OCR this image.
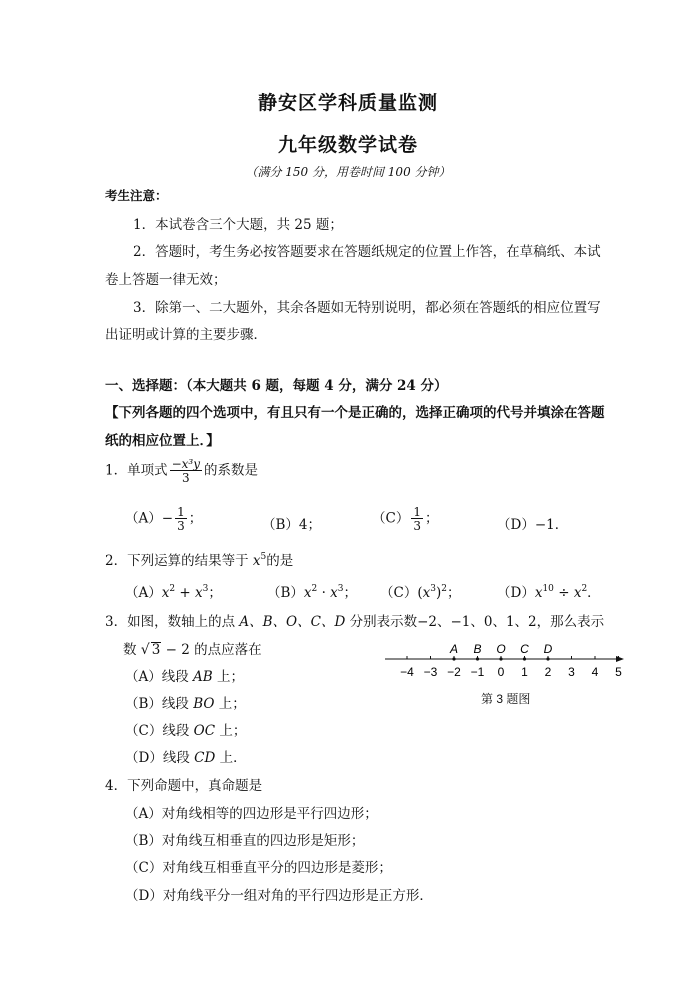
静安区学科质量监测
九年级数学试卷
（满分 150 分，用卷时间 100 分钟）
考生注意：
1．本试卷含三个大题，共 25 题；
2．答题时，考生务必按答题要求在答题纸规定的位置上作答，在草稿纸、本试
卷上答题一律无效；
3．除第一、二大题外，其余各题如无特别说明，都必须在答题纸的相应位置写
出证明或计算的主要步骤．
一、选择题：（本大题共 6 题，每题 4 分，满分 24 分）
【下列各题的四个选项中，有且只有一个是正确的，选择正确项的代号并填涂在答题
纸的相应位置上．】
1．单项式 $\frac{\text{−x³y}}{3}$ 的系数是
$(A)- \frac{1}{3}$ ；	（B）4；	$(C) \frac{1}{3}$ ；	（D）−1．
2．下列运算的结果等于 $x^5$的是
$(A)x^2 + x^3$；	$(B)x^2 \cdot x^3$； $(C)(x^3)^2$；	$(D)x^{10} \div x^2$．
3．如图，数轴上的点 A、B、O、C、D 分别表示数−2、−1、0、1、2，那么表示
数 √ 3 − 2 的点应落在
（A）线段 AB 上；
（B）线段 BO 上；
（C）线段 OC 上；
（D）线段 CD 上．
−4 −3 −2 −1 0 1 2 3 4 5
A B O C D
第 3 题图
4．下列命题中，真命题是
（A）对角线相等的四边形是平行四边形；
（B）对角线互相垂直的四边形是矩形；
（C）对角线互相垂直平分的四边形是菱形；
（D）对角线平分一组对角的平行四边形是正方形．
